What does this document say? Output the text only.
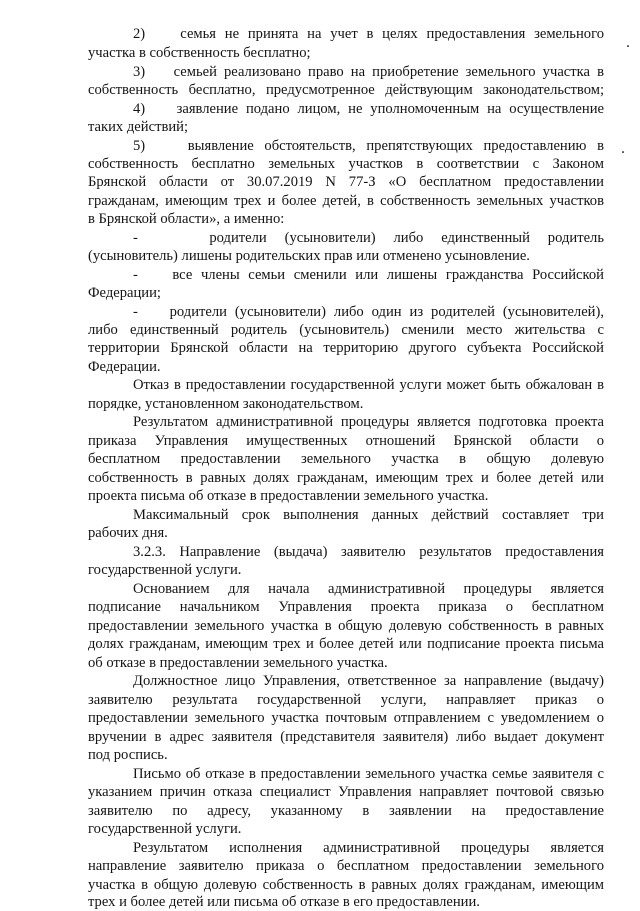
2)    семья не принята на учет в целях предоставления земельного
участка в собственность бесплатно;
3)    семьей реализовано право на приобретение земельного участка в
собственность бесплатно, предусмотренное действующим законодательством;
4)    заявление подано лицом, не уполномоченным на осуществление
таких действий;
5)    выявление обстоятельств, препятствующих предоставлению в
собственность бесплатно земельных участков в соответствии с Законом
Брянской области от 30.07.2019 N 77-З «О бесплатном предоставлении
гражданам, имеющим трех и более детей, в собственность земельных участков
в Брянской области», а именно:
-    родители (усыновители) либо единственный родитель
(усыновитель) лишены родительских прав или отменено усыновление.
-    все члены семьи сменили или лишены гражданства Российской
Федерации;
-    родители (усыновители) либо один из родителей (усыновителей),
либо единственный родитель (усыновитель) сменили место жительства с
территории Брянской области на территорию другого субъекта Российской
Федерации.
Отказ в предоставлении государственной услуги может быть обжалован в
порядке, установленном законодательством.
Результатом административной процедуры является подготовка проекта
приказа Управления имущественных отношений Брянской области о
бесплатном предоставлении земельного участка в общую долевую
собственность в равных долях гражданам, имеющим трех и более детей или
проекта письма об отказе в предоставлении земельного участка.
Максимальный срок выполнения данных действий составляет три
рабочих дня.
3.2.3. Направление (выдача) заявителю результатов предоставления
государственной услуги.
Основанием для начала административной процедуры является
подписание начальником Управления проекта приказа о бесплатном
предоставлении земельного участка в общую долевую собственность в равных
долях гражданам, имеющим трех и более детей или подписание проекта письма
об отказе в предоставлении земельного участка.
Должностное лицо Управления, ответственное за направление (выдачу)
заявителю результата государственной услуги, направляет приказ о
предоставлении земельного участка почтовым отправлением с уведомлением о
вручении в адрес заявителя (представителя заявителя) либо выдает документ
под роспись.
Письмо об отказе в предоставлении земельного участка семье заявителя с
указанием причин отказа специалист Управления направляет почтовой связью
заявителю по адресу, указанному в заявлении на предоставление
государственной услуги.
Результатом исполнения административной процедуры является
направление заявителю приказа о бесплатном предоставлении земельного
участка в общую долевую собственность в равных долях гражданам, имеющим
трех и более детей или письма об отказе в его предоставлении.
.
.
